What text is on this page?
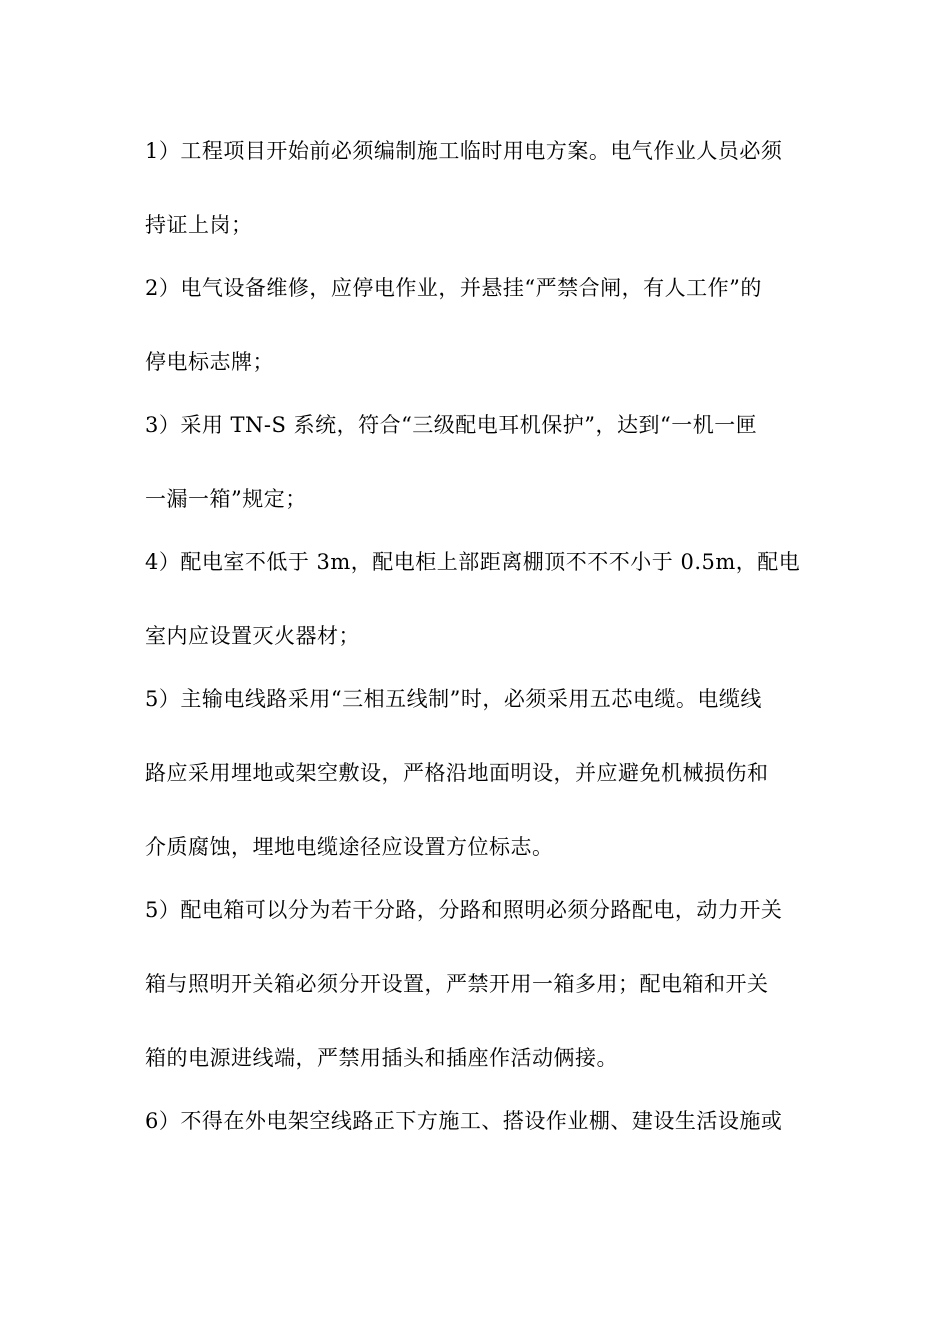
1）工程项目开始前必须编制施工临时用电方案。电气作业人员必须
持证上岗；
2）电气设备维修，应停电作业，并悬挂“严禁合闸，有人工作”的
停电标志牌；
3）采用 TN-S 系统，符合“三级配电耳机保护”，达到“一机一匣
一漏一箱”规定；
4）配电室不低于 3m，配电柜上部距离棚顶不不不小于 0.5m，配电
室内应设置灭火器材；
5）主输电线路采用“三相五线制”时，必须采用五芯电缆。电缆线
路应采用埋地或架空敷设，严格沿地面明设，并应避免机械损伤和
介质腐蚀，埋地电缆途径应设置方位标志。
5）配电箱可以分为若干分路，分路和照明必须分路配电，动力开关
箱与照明开关箱必须分开设置，严禁开用一箱多用；配电箱和开关
箱的电源进线端，严禁用插头和插座作活动俩接。
6）不得在外电架空线路正下方施工、搭设作业棚、建设生活设施或
